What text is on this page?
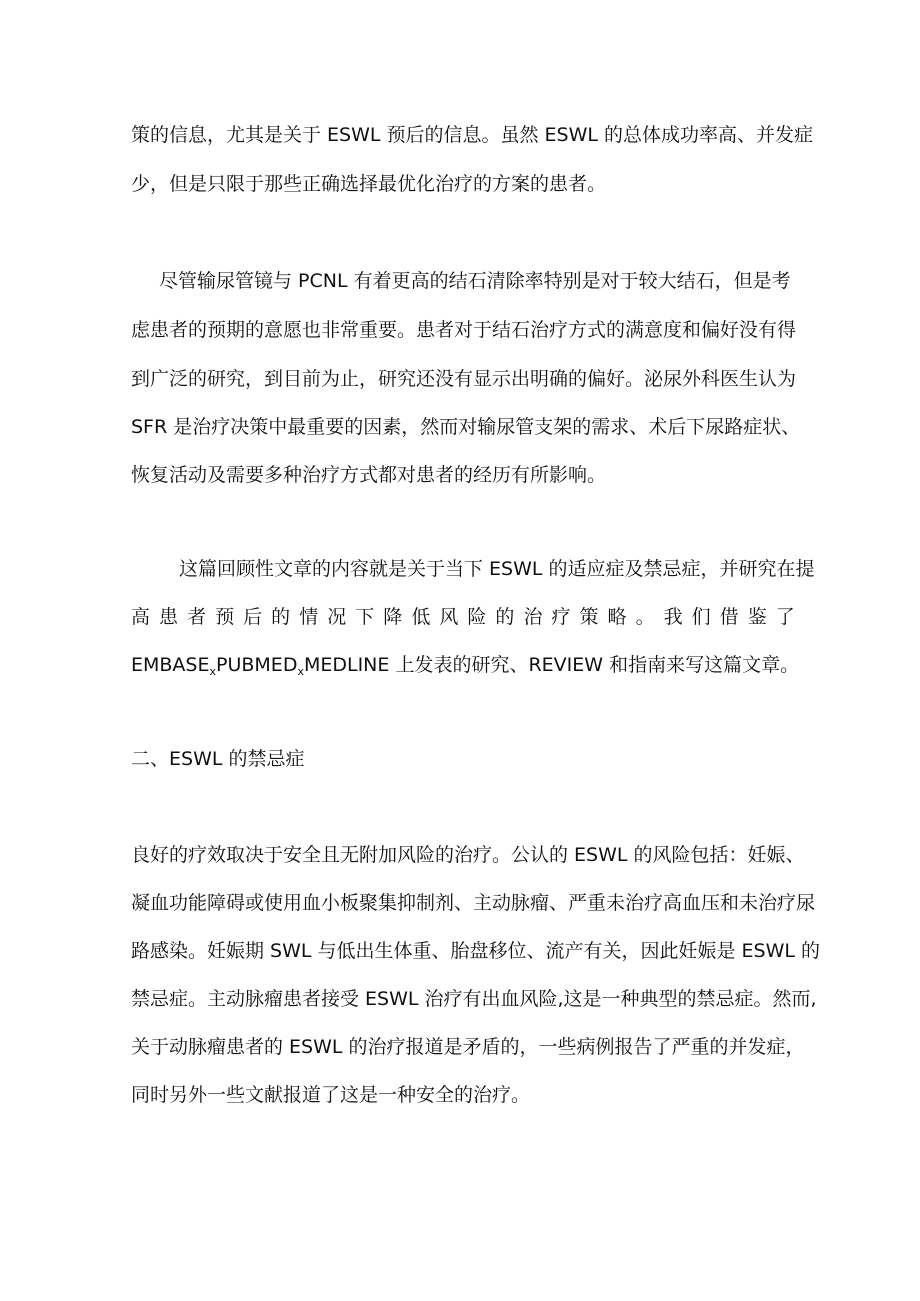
策的信息，尤其是关于 ESWL 预后的信息。虽然 ESWL 的总体成功率高、并发症
少，但是只限于那些正确选择最优化治疗的方案的患者。
尽管输尿管镜与 PCNL 有着更高的结石清除率特别是对于较大结石，但是考
虑患者的预期的意愿也非常重要。患者对于结石治疗方式的满意度和偏好没有得
到广泛的研究，到目前为止，研究还没有显示出明确的偏好。泌尿外科医生认为
SFR 是治疗决策中最重要的因素，然而对输尿管支架的需求、术后下尿路症状、
恢复活动及需要多种治疗方式都对患者的经历有所影响。
这篇回顾性文章的内容就是关于当下 ESWL 的适应症及禁忌症，并研究在提
高 患 者 预 后 的 情 况 下 降 低 风 险 的 治 疗 策 略 。 我 们 借 鉴 了
$EMBASE_xPUBMED_xMEDLINE$ 上发表的研究、REVIEW 和指南来写这篇文章。
二、ESWL 的禁忌症
良好的疗效取决于安全且无附加风险的治疗。公认的 ESWL 的风险包括：妊娠、
凝血功能障碍或使用血小板聚集抑制剂、主动脉瘤、严重未治疗高血压和未治疗尿
路感染。妊娠期 SWL 与低出生体重、胎盘移位、流产有关，因此妊娠是 ESWL 的
禁忌症。主动脉瘤患者接受 ESWL 治疗有出血风险,这是一种典型的禁忌症。然而,
关于动脉瘤患者的 ESWL 的治疗报道是矛盾的，一些病例报告了严重的并发症，
同时另外一些文献报道了这是一种安全的治疗。
